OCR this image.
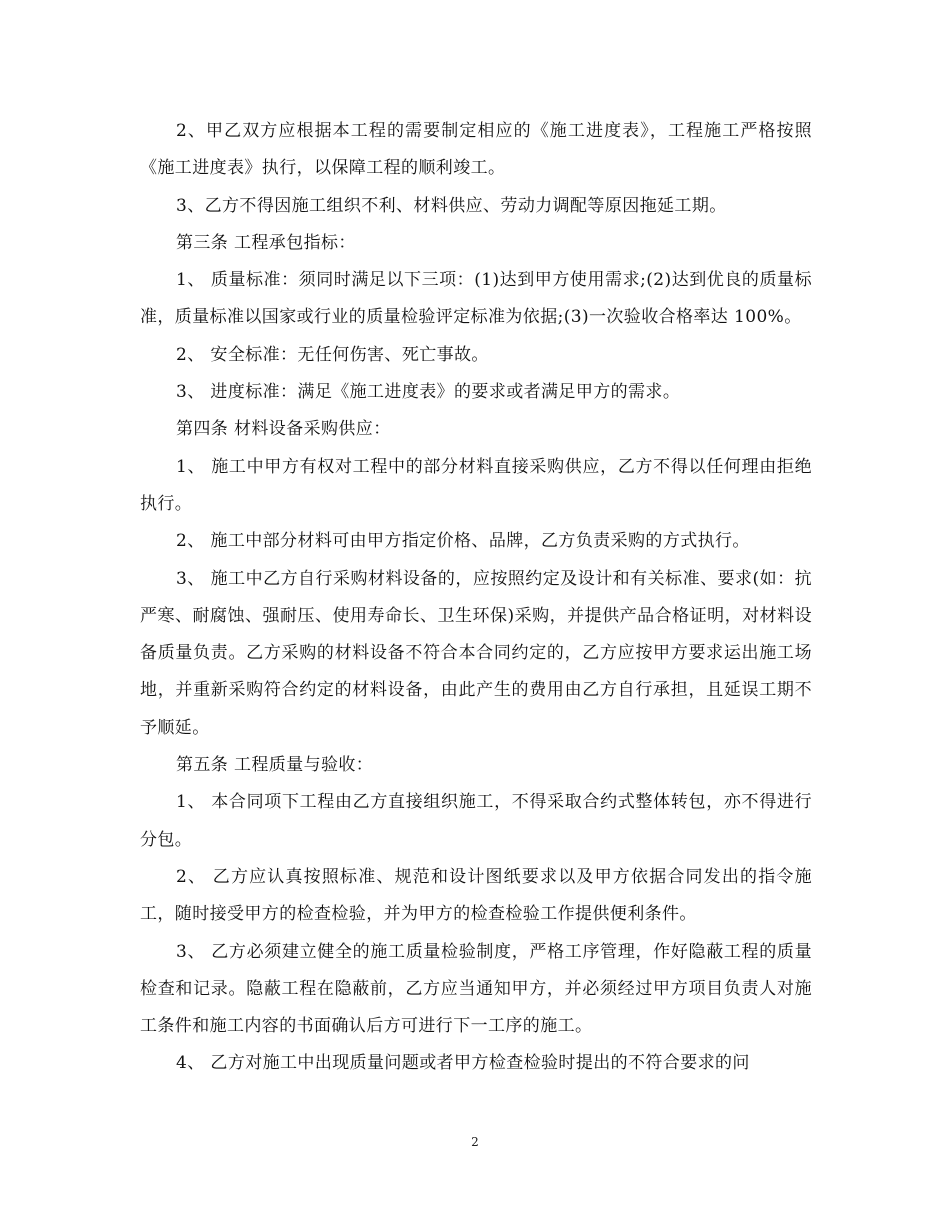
2、甲乙双方应根据本工程的需要制定相应的《施工进度表》，工程施工严格按照《施工进度表》执行，以保障工程的顺利竣工。

3、乙方不得因施工组织不利、材料供应、劳动力调配等原因拖延工期。

第三条 工程承包指标：

1、 质量标准：须同时满足以下三项：(1)达到甲方使用需求;(2)达到优良的质量标准，质量标准以国家或行业的质量检验评定标准为依据;(3)一次验收合格率达 100%。

2、 安全标准：无任何伤害、死亡事故。

3、 进度标准：满足《施工进度表》的要求或者满足甲方的需求。

第四条 材料设备采购供应：

1、 施工中甲方有权对工程中的部分材料直接采购供应，乙方不得以任何理由拒绝执行。

2、 施工中部分材料可由甲方指定价格、品牌，乙方负责采购的方式执行。

3、 施工中乙方自行采购材料设备的，应按照约定及设计和有关标准、要求(如：抗严寒、耐腐蚀、强耐压、使用寿命长、卫生环保)采购，并提供产品合格证明，对材料设备质量负责。乙方采购的材料设备不符合本合同约定的，乙方应按甲方要求运出施工场地，并重新采购符合约定的材料设备，由此产生的费用由乙方自行承担，且延误工期不予顺延。

第五条 工程质量与验收：

1、 本合同项下工程由乙方直接组织施工，不得采取合约式整体转包，亦不得进行分包。

2、 乙方应认真按照标准、规范和设计图纸要求以及甲方依据合同发出的指令施工，随时接受甲方的检查检验，并为甲方的检查检验工作提供便利条件。

3、 乙方必须建立健全的施工质量检验制度，严格工序管理，作好隐蔽工程的质量检查和记录。隐蔽工程在隐蔽前，乙方应当通知甲方，并必须经过甲方项目负责人对施工条件和施工内容的书面确认后方可进行下一工序的施工。

4、 乙方对施工中出现质量问题或者甲方检查检验时提出的不符合要求的问

2
